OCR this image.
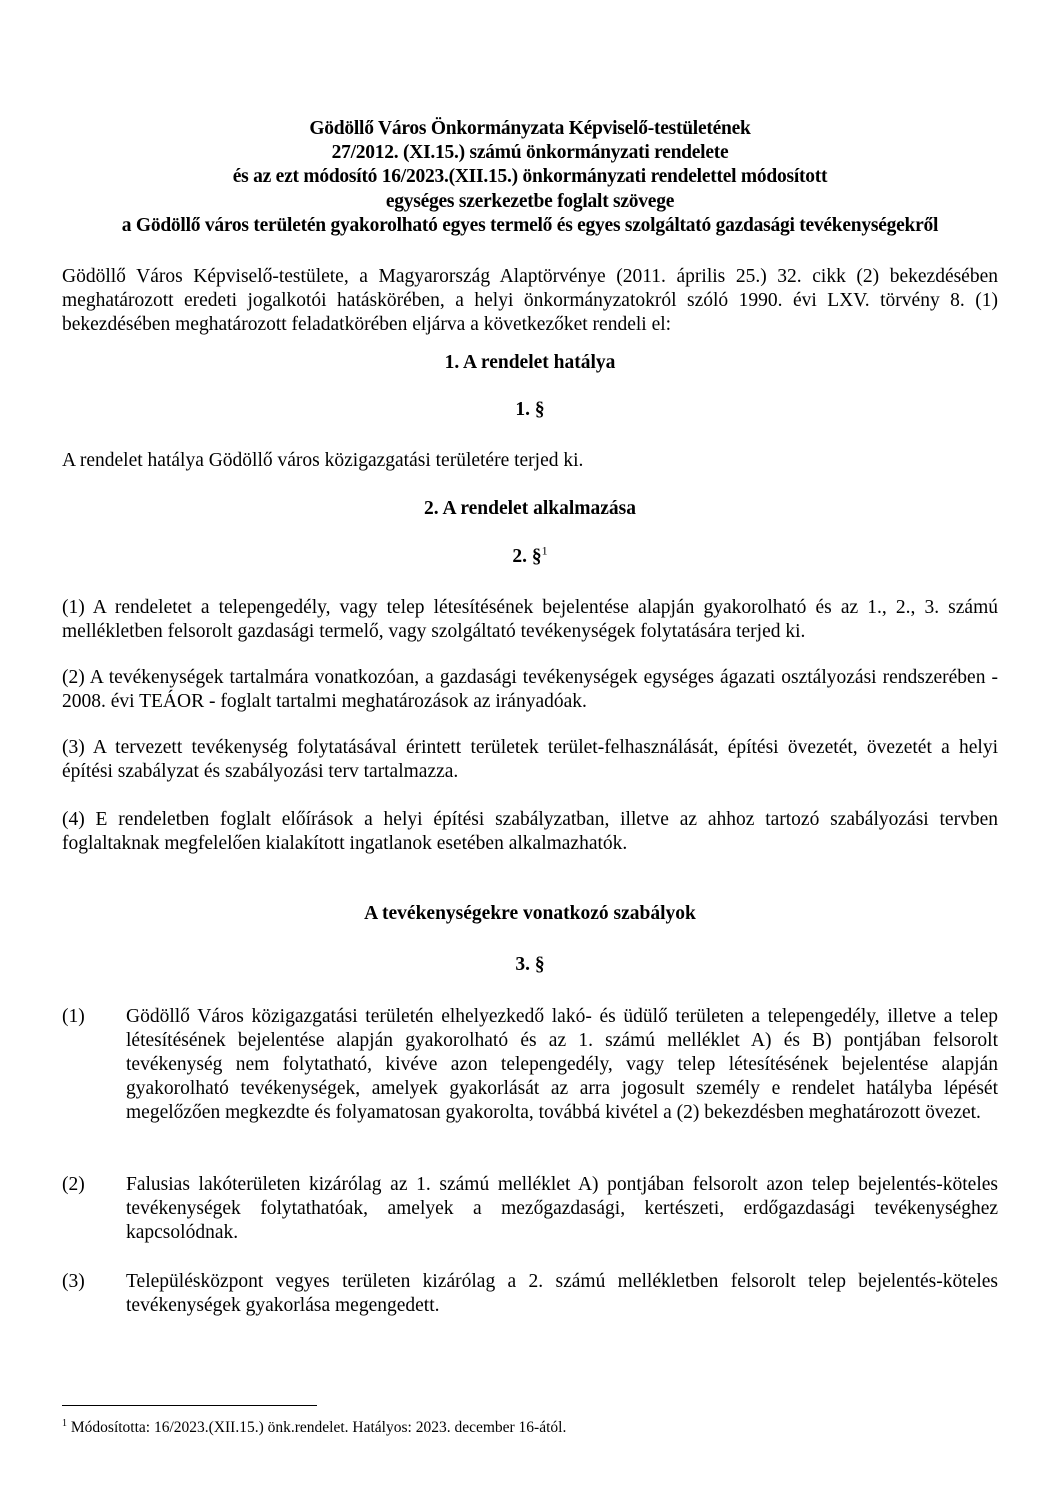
Gödöllő Város Önkormányzata Képviselő-testületének
27/2012. (XI.15.) számú önkormányzati rendelete
és az ezt módosító 16/2023.(XII.15.) önkormányzati rendelettel módosított
egységes szerkezetbe foglalt szövege
a Gödöllő város területén gyakorolható egyes termelő és egyes szolgáltató gazdasági tevékenységekről

Gödöllő Város Képviselő-testülete, a Magyarország Alaptörvénye (2011. április 25.) 32. cikk (2) bekezdésében meghatározott eredeti jogalkotói hatáskörében, a helyi önkormányzatokról szóló 1990. évi LXV. törvény 8. (1) bekezdésében meghatározott feladatkörében eljárva a következőket rendeli el:

1. A rendelet hatálya

1. §

A rendelet hatálya Gödöllő város közigazgatási területére terjed ki.

2. A rendelet alkalmazása

2. §$^1$

(1) A rendeletet a telepengedély, vagy telep létesítésének bejelentése alapján gyakorolható és az 1., 2., 3. számú mellékletben felsorolt gazdasági termelő, vagy szolgáltató tevékenységek folytatására terjed ki.

(2) A tevékenységek tartalmára vonatkozóan, a gazdasági tevékenységek egységes ágazati osztályozási rendszerében - 2008. évi TEÁOR - foglalt tartalmi meghatározások az irányadóak.

(3) A tervezett tevékenység folytatásával érintett területek terület-felhasználását, építési övezetét, övezetét a helyi építési szabályzat és szabályozási terv tartalmazza.

(4) E rendeletben foglalt előírások a helyi építési szabályzatban, illetve az ahhoz tartozó szabályozási tervben foglaltaknak megfelelően kialakított ingatlanok esetében alkalmazhatók.

A tevékenységekre vonatkozó szabályok

3. §

(1) Gödöllő Város közigazgatási területén elhelyezkedő lakó- és üdülő területen a telepengedély, illetve a telep létesítésének bejelentése alapján gyakorolható és az 1. számú melléklet A) és B) pontjában felsorolt tevékenység nem folytatható, kivéve azon telepengedély, vagy telep létesítésének bejelentése alapján gyakorolható tevékenységek, amelyek gyakorlását az arra jogosult személy e rendelet hatályba lépését megelőzően megkezdte és folyamatosan gyakorolta, továbbá kivétel a (2) bekezdésben meghatározott övezet.
(2) Falusias lakóterületen kizárólag az 1. számú melléklet A) pontjában felsorolt azon telep bejelentés-köteles tevékenységek folytathatóak, amelyek a mezőgazdasági, kertészeti, erdőgazdasági tevékenységhez kapcsolódnak.
(3) Településközpont vegyes területen kizárólag a 2. számú mellékletben felsorolt telep bejelentés-köteles tevékenységek gyakorlása megengedett.
$^1$ Módosította: 16/2023.(XII.15.) önk.rendelet. Hatályos: 2023. december 16-ától.
